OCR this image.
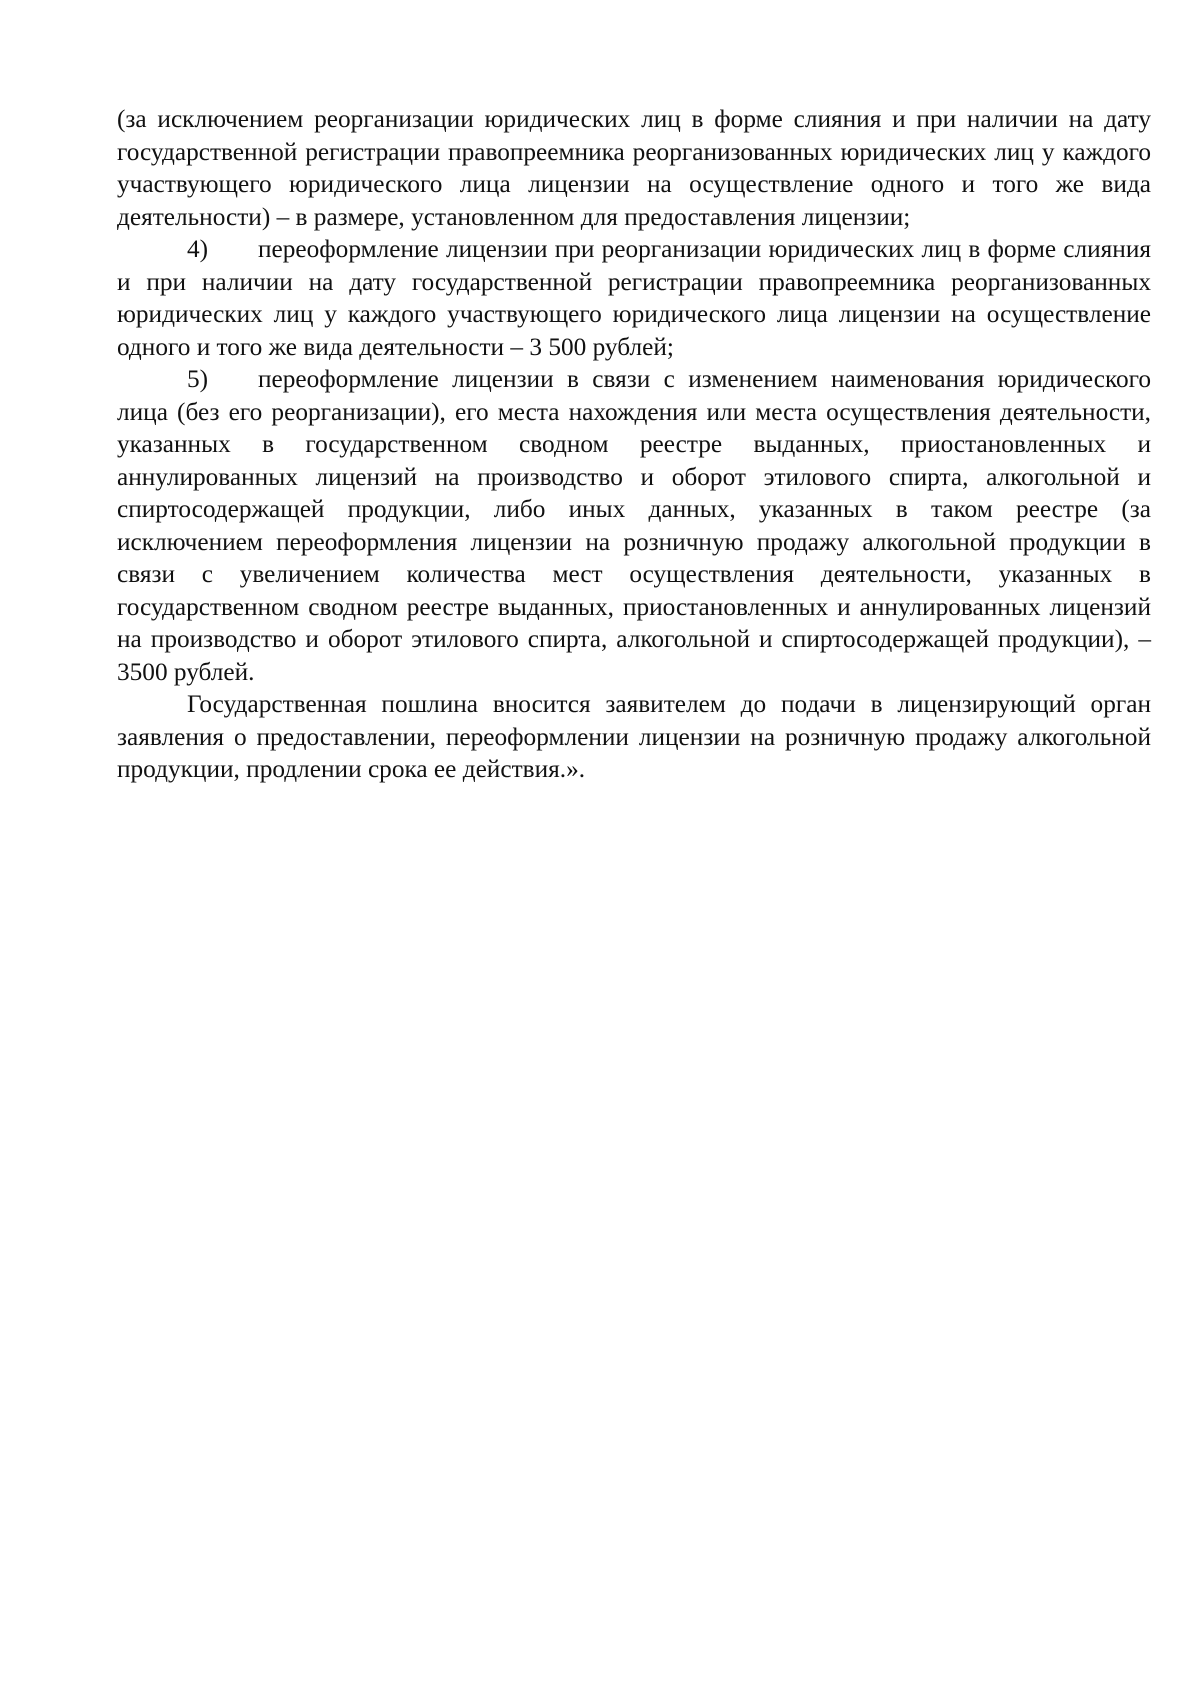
(за исключением реорганизации юридических лиц в форме слияния и при наличии на дату государственной регистрации правопреемника реорганизованных юридических лиц у каждого участвующего юридического лица лицензии на осуществление одного и того же вида деятельности) – в размере, установленном для предоставления лицензии;

4) переоформление лицензии при реорганизации юридических лиц в форме слияния и при наличии на дату государственной регистрации правопреемника реорганизованных юридических лиц у каждого участвующего юридического лица лицензии на осуществление одного и того же вида деятельности – 3 500 рублей;

5) переоформление лицензии в связи с изменением наименования юридического лица (без его реорганизации), его места нахождения или места осуществления деятельности, указанных в государственном сводном реестре выданных, приостановленных и аннулированных лицензий на производство и оборот этилового спирта, алкогольной и спиртосодержащей продукции, либо иных данных, указанных в таком реестре (за исключением переоформления лицензии на розничную продажу алкогольной продукции в связи с увеличением количества мест осуществления деятельности, указанных в государственном сводном реестре выданных, приостановленных и аннулированных лицензий на производство и оборот этилового спирта, алкогольной и спиртосодержащей продукции), – 3500 рублей.

Государственная пошлина вносится заявителем до подачи в лицензирующий орган заявления о предоставлении, переоформлении лицензии на розничную продажу алкогольной продукции, продлении срока ее действия.».
